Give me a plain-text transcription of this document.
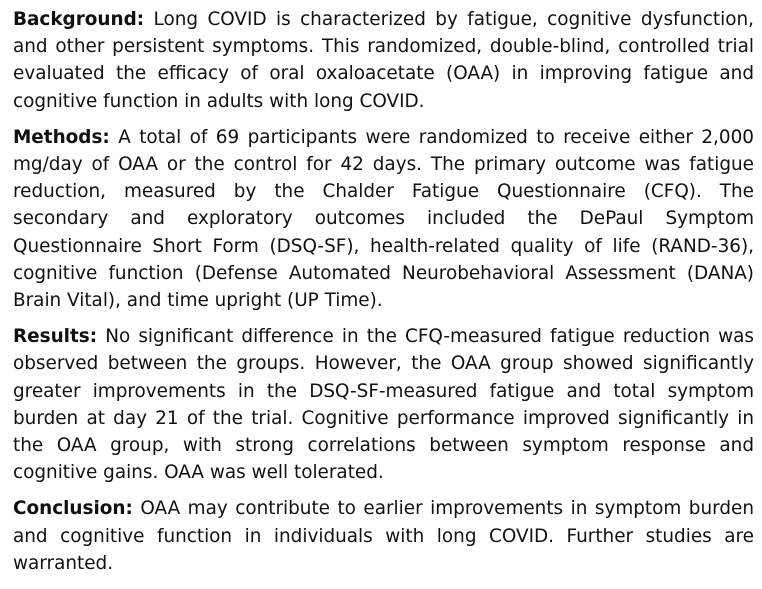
Background: Long COVID is characterized by fatigue, cognitive dysfunction, and other persistent symptoms. This randomized, double-blind, controlled trial evaluated the efficacy of oral oxaloacetate (OAA) in improving fatigue and cognitive function in adults with long COVID.

Methods: A total of 69 participants were randomized to receive either 2,000 mg/day of OAA or the control for 42 days. The primary outcome was fatigue reduction, measured by the Chalder Fatigue Questionnaire (CFQ). The secondary and exploratory outcomes included the DePaul Symptom Questionnaire Short Form (DSQ-SF), health-related quality of life (RAND-36), cognitive function (Defense Automated Neurobehavioral Assessment (DANA) Brain Vital), and time upright (UP Time).

Results: No significant difference in the CFQ-measured fatigue reduction was observed between the groups. However, the OAA group showed significantly greater improvements in the DSQ-SF-measured fatigue and total symptom burden at day 21 of the trial. Cognitive performance improved significantly in the OAA group, with strong correlations between symptom response and cognitive gains. OAA was well tolerated.

Conclusion: OAA may contribute to earlier improvements in symptom burden and cognitive function in individuals with long COVID. Further studies are warranted.
